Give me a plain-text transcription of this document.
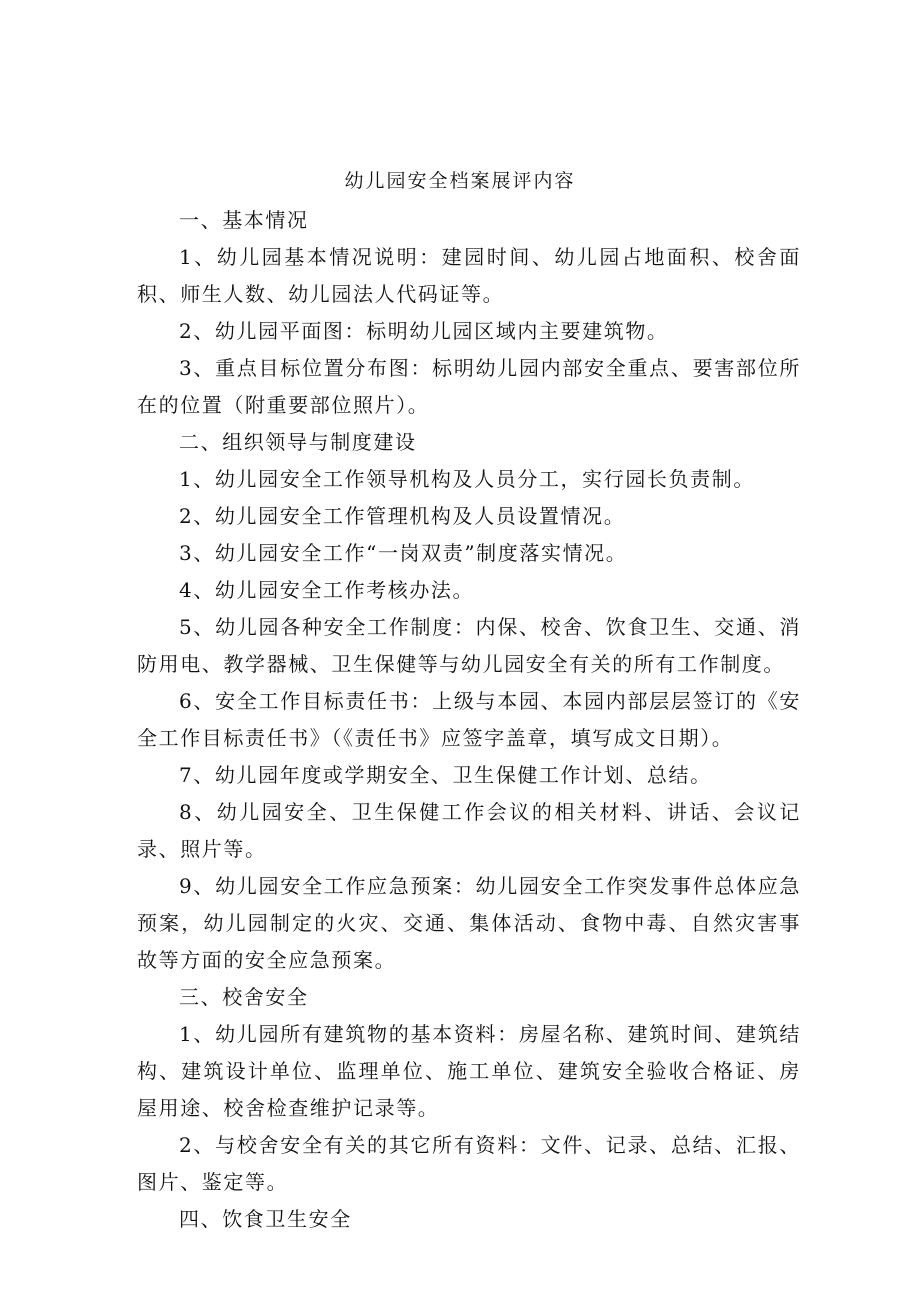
幼儿园安全档案展评内容

一、基本情况

1、幼儿园基本情况说明：建园时间、幼儿园占地面积、校舍面积、师生人数、幼儿园法人代码证等。

2、幼儿园平面图：标明幼儿园区域内主要建筑物。

3、重点目标位置分布图：标明幼儿园内部安全重点、要害部位所在的位置（附重要部位照片）。

二、组织领导与制度建设

1、幼儿园安全工作领导机构及人员分工，实行园长负责制。

2、幼儿园安全工作管理机构及人员设置情况。

3、幼儿园安全工作“一岗双责”制度落实情况。

4、幼儿园安全工作考核办法。

5、幼儿园各种安全工作制度：内保、校舍、饮食卫生、交通、消防用电、教学器械、卫生保健等与幼儿园安全有关的所有工作制度。

6、安全工作目标责任书：上级与本园、本园内部层层签订的《安全工作目标责任书》（《责任书》应签字盖章，填写成文日期）。

7、幼儿园年度或学期安全、卫生保健工作计划、总结。

8、幼儿园安全、卫生保健工作会议的相关材料、讲话、会议记录、照片等。

9、幼儿园安全工作应急预案：幼儿园安全工作突发事件总体应急预案，幼儿园制定的火灾、交通、集体活动、食物中毒、自然灾害事故等方面的安全应急预案。

三、校舍安全

1、幼儿园所有建筑物的基本资料：房屋名称、建筑时间、建筑结构、建筑设计单位、监理单位、施工单位、建筑安全验收合格证、房屋用途、校舍检查维护记录等。

2、与校舍安全有关的其它所有资料：文件、记录、总结、汇报、图片、鉴定等。

四、饮食卫生安全
